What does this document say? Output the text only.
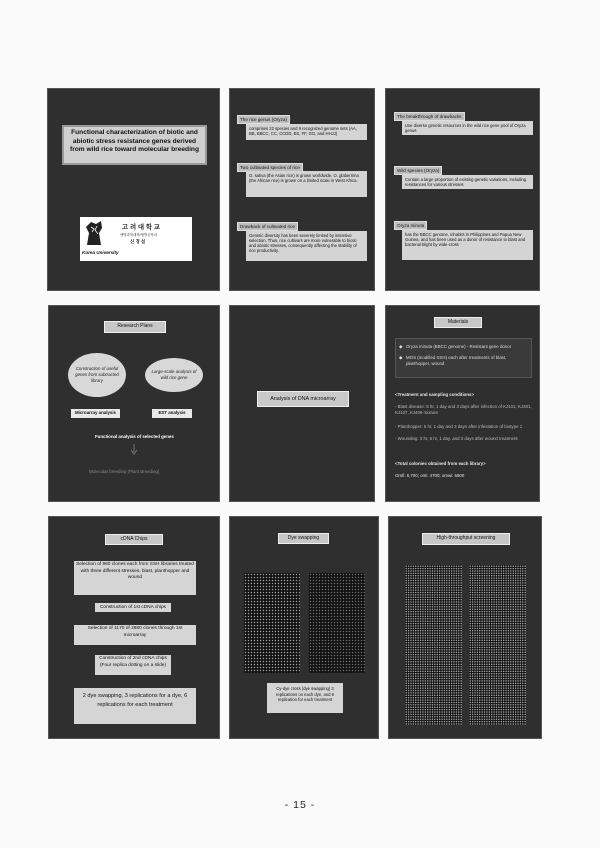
Functional characterization of biotic and abiotic stress resistance genes derived from wild rice toward molecular breeding
고 려 대 학 교
생명과학대학/생명공학과
신 경 섭
Korea University
The rice genus (Oryza)
comprises 22 species and 9 recognized genome sets (AA, BB, BBCC, CC, CCDD, EE, FF, GG, and HHJJ)
Two cultivated species of rice
O. sativa (the Asian rice) is grown worldwide. O. glaberrima (the African rice) is grown on a limited scale in West Africa.
Drawback of cultivated rice
Genetic diversity has been severely limited by intensive selection. Thus, rice cultivars are more vulnerable to biotic and abiotic stresses, consequently affecting the stability of rice productivity.
The breakthrough of drawbacks
Use diverse genetic resources in the wild rice gene pool of Oryza genus
Wild species (Oryza)
Contain a large proportion of existing genetic variations, including resistances for various stresses
Oryza minuta
has the BBCC genome, inhabits in Philippines and Papua New Guinea, and has been used as a donor of resistance to blast and bacterial blight by wide-cross
Research Plans
Construction of useful genes from subtracted library
Large-scale analysis of wild rice gene
Microarray analysis	EST analysis
Functional analysis of selected genes
Molecular breeding (Plant Breeding)
Analysis of DNA microarray
Materials
◆ Oryza minuta (BBCC genome) - Resistant gene donor
◆ MOS (modified SSH) each after treatments of blast, planthopper, wound
<Treatment and sampling conditions>
- Blast disease: 6 hr, 1 day and 3 days after infection of KJ101, KJ301, KJ107, KJ409 mixture
- Planthopper: 6 hr, 1 day and 3 days after infestation of biotype 1
- Wounding: 3 hr, 6 hr, 1 day, and 3 days after wound treatment
<Total colonies obtained from each library>
Omfi: 6,700; omi: 4700; omwi: 5500
cDNA Chips
Selection of 960 clones each from SSH libraries treated with three different stresses, blast, planthopper and wound
Construction of 1st cDNA chips
Selection of 1170 of 2880 clones through 1st microarray
Construction of 2nd cDNA chips (Four replica dotting on a slide)
2 dye swapping, 3 replications for a dye, 6 replications for each treatment
Dye swapping
Cy-dye cross (dye swapping) 3 replications on each dye, and 6 replication for each treatment
High-throughput screening
- 15 -
